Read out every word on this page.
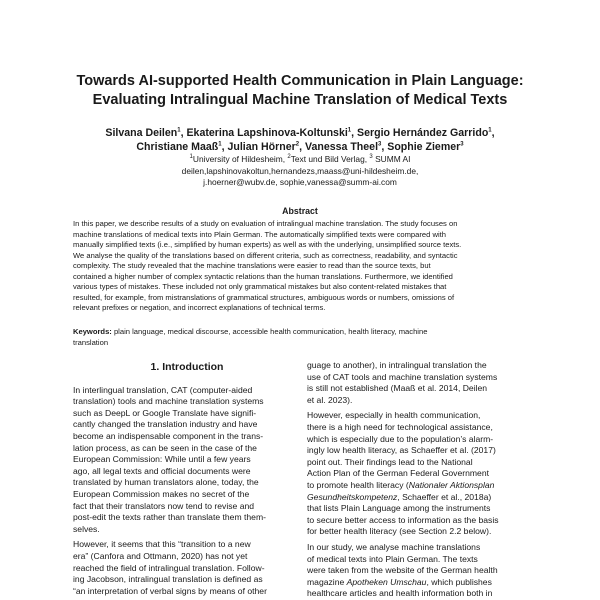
Towards AI-supported Health Communication in Plain Language:
Evaluating Intralingual Machine Translation of Medical Texts
Silvana Deilen$^1$, Ekaterina Lapshinova-Koltunski$^1$, Sergio Hernández Garrido$^1$,
Christiane Maaß$^1$, Julian Hörner$^2$, Vanessa Theel$^3$, Sophie Ziemer$^3$
$^1$University of Hildesheim, $^2$Text und Bild Verlag, $^3$ SUMM AI
deilen,lapshinovakoltun,hernandezs,maass@uni-hildesheim.de,
j.hoerner@wubv.de, sophie,vanessa@summ-ai.com
Abstract
In this paper, we describe results of a study on evaluation of intralingual machine translation. The study focuses on
machine translations of medical texts into Plain German. The automatically simplified texts were compared with
manually simplified texts (i.e., simplified by human experts) as well as with the underlying, unsimplified source texts.
We analyse the quality of the translations based on different criteria, such as correctness, readability, and syntactic
complexity. The study revealed that the machine translations were easier to read than the source texts, but
contained a higher number of complex syntactic relations than the human translations. Furthermore, we identified
various types of mistakes. These included not only grammatical mistakes but also content-related mistakes that
resulted, for example, from mistranslations of grammatical structures, ambiguous words or numbers, omissions of
relevant prefixes or negation, and incorrect explanations of technical terms.
Keywords: plain language, medical discourse, accessible health communication, health literacy, machine
translation
1. Introduction
In interlingual translation, CAT (computer-aided
translation) tools and machine translation systems
such as DeepL or Google Translate have signifi-
cantly changed the translation industry and have
become an indispensable component in the trans-
lation process, as can be seen in the case of the
European Commission: While until a few years
ago, all legal texts and official documents were
translated by human translators alone, today, the
European Commission makes no secret of the
fact that their translators now tend to revise and
post-edit the texts rather than translate them them-
selves.
However, it seems that this “transition to a new
era” (Canfora and Ottmann, 2020) has not yet
reached the field of intralingual translation. Follow-
ing Jacobson, intralingual translation is defined as
“an interpretation of verbal signs by means of other
guage to another), in intralingual translation the
use of CAT tools and machine translation systems
is still not established (Maaß et al. 2014, Deilen
et al. 2023).
However, especially in health communication,
there is a high need for technological assistance,
which is especially due to the population’s alarm-
ingly low health literacy, as Schaeffer et al. (2017)
point out. Their findings lead to the National
Action Plan of the German Federal Government
to promote health literacy (Nationaler Aktionsplan
Gesundheitskompetenz, Schaeffer et al., 2018a)
that lists Plain Language among the instruments
to secure better access to information as the basis
for better health literacy (see Section 2.2 below).
In our study, we analyse machine translations
of medical texts into Plain German. The texts
were taken from the website of the German health
magazine Apotheken Umschau, which publishes
healthcare articles and health information both in
